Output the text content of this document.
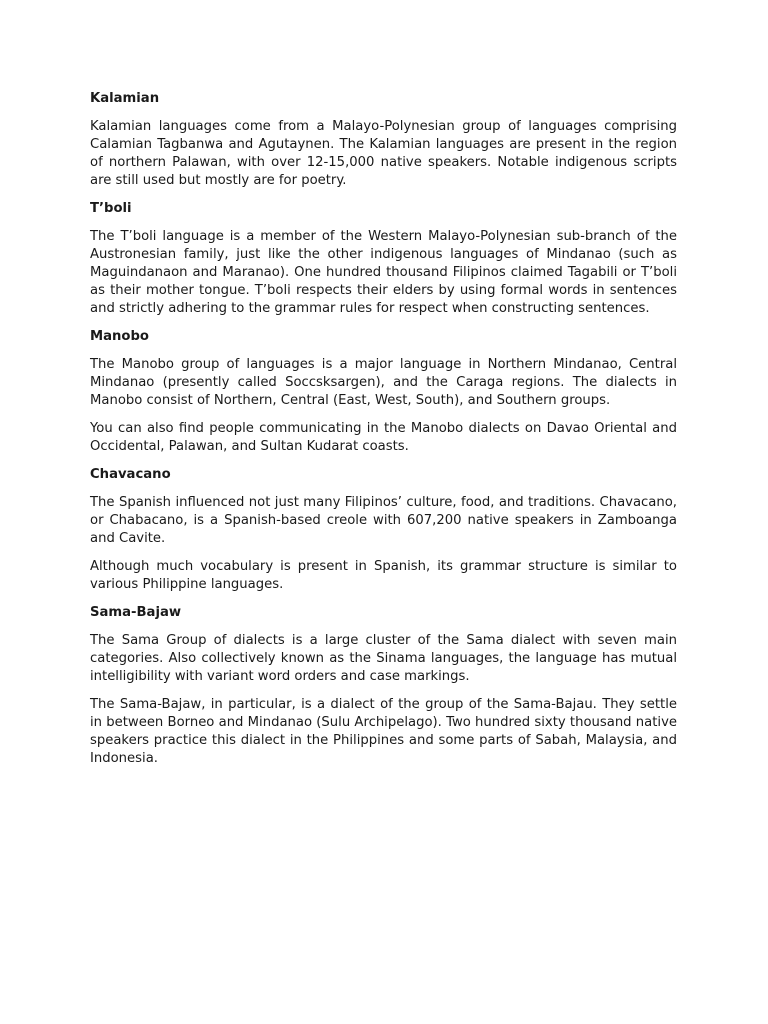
Kalamian

Kalamian languages come from a Malayo-Polynesian group of languages comprising Calamian Tagbanwa and Agutaynen. The Kalamian languages are present in the region of northern Palawan, with over 12-15,000 native speakers. Notable indigenous scripts are still used but mostly are for poetry.

T’boli

The T’boli language is a member of the Western Malayo-Polynesian sub-branch of the Austronesian family, just like the other indigenous languages of Mindanao (such as Maguindanaon and Maranao). One hundred thousand Filipinos claimed Tagabili or T’boli as their mother tongue. T’boli respects their elders by using formal words in sentences and strictly adhering to the grammar rules for respect when constructing sentences.

Manobo

The Manobo group of languages is a major language in Northern Mindanao, Central Mindanao (presently called Soccsksargen), and the Caraga regions. The dialects in Manobo consist of Northern, Central (East, West, South), and Southern groups.

You can also find people communicating in the Manobo dialects on Davao Oriental and Occidental, Palawan, and Sultan Kudarat coasts.

Chavacano

The Spanish influenced not just many Filipinos’ culture, food, and traditions. Chavacano, or Chabacano, is a Spanish-based creole with 607,200 native speakers in Zamboanga and Cavite.

Although much vocabulary is present in Spanish, its grammar structure is similar to various Philippine languages.

Sama-Bajaw

The Sama Group of dialects is a large cluster of the Sama dialect with seven main categories. Also collectively known as the Sinama languages, the language has mutual intelligibility with variant word orders and case markings.

The Sama-Bajaw, in particular, is a dialect of the group of the Sama-Bajau. They settle in between Borneo and Mindanao (Sulu Archipelago). Two hundred sixty thousand native speakers practice this dialect in the Philippines and some parts of Sabah, Malaysia, and Indonesia.
